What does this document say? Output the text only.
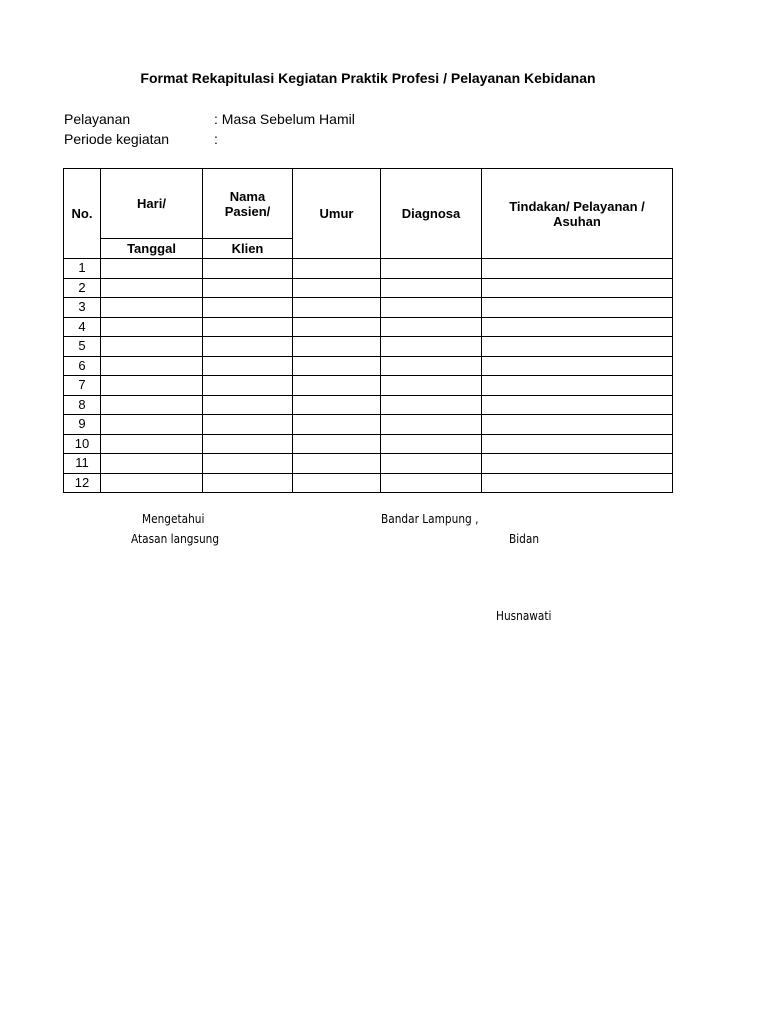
Format Rekapitulasi Kegiatan Praktik Profesi / Pelayanan Kebidanan
Pelayanan	: Masa Sebelum Hamil
Periode kegiatan	:
No.	Hari/	Nama Pasien/	Umur	Diagnosa	Tindakan/ Pelayanan / Asuhan
	Tanggal	Klien			
1					
2					
3					
4					
5					
6					
7					
8					
9					
10					
11					
12					
Mengetahui
Atasan langsung
Bandar Lampung ,
Bidan
Husnawati
